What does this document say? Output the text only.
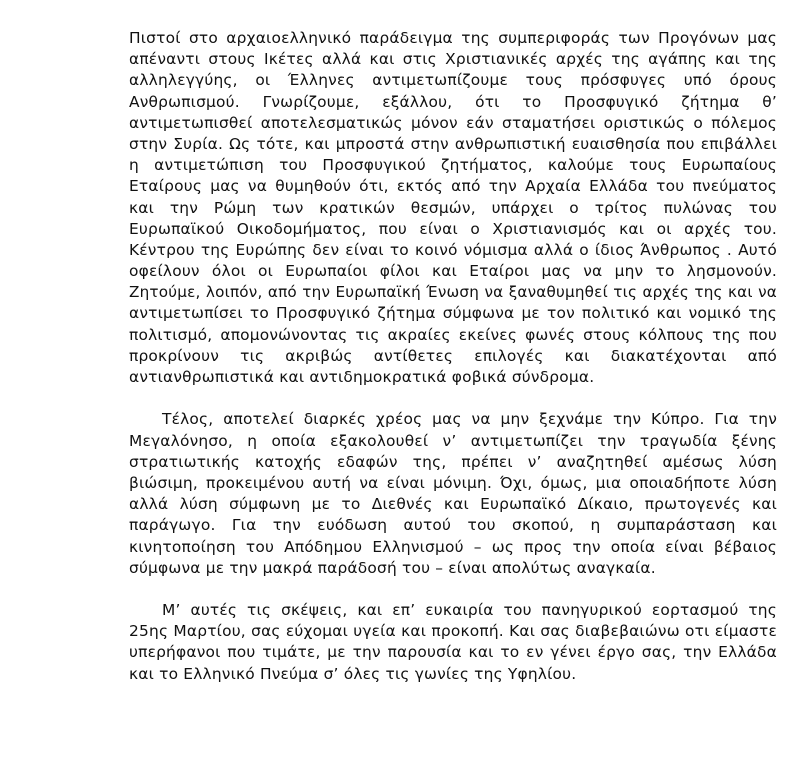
Πιστοί στο αρχαιοελληνικό παράδειγμα της συμπεριφοράς των Προγόνων μας
απέναντι στους Ικέτες αλλά και στις Χριστιανικές αρχές της αγάπης και της
αλληλεγγύης, οι Έλληνες αντιμετωπίζουμε τους πρόσφυγες υπό όρους
Ανθρωπισμού. Γνωρίζουμε, εξάλλου, ότι το Προσφυγικό ζήτημα θ’
αντιμετωπισθεί αποτελεσματικώς μόνον εάν σταματήσει οριστικώς ο πόλεμος
στην Συρία. Ως τότε, και μπροστά στην ανθρωπιστική ευαισθησία που επιβάλλει
η αντιμετώπιση του Προσφυγικού ζητήματος, καλούμε τους Ευρωπαίους
Εταίρους μας να θυμηθούν ότι, εκτός από την Αρχαία Ελλάδα του πνεύματος
και την Ρώμη των κρατικών θεσμών, υπάρχει ο τρίτος πυλώνας του
Ευρωπαϊκού Οικοδομήματος, που είναι ο Χριστιανισμός και οι αρχές του.
Κέντρου της Ευρώπης δεν είναι το κοινό νόμισμα αλλά ο ίδιος Άνθρωπος . Αυτό
οφείλουν όλοι οι Ευρωπαίοι φίλοι και Εταίροι μας να μην το λησμονούν.
Ζητούμε, λοιπόν, από την Ευρωπαϊκή Ένωση να ξαναθυμηθεί τις αρχές της και να
αντιμετωπίσει το Προσφυγικό ζήτημα σύμφωνα με τον πολιτικό και νομικό της
πολιτισμό, απομονώνοντας τις ακραίες εκείνες φωνές στους κόλπους της που
προκρίνουν τις ακριβώς αντίθετες επιλογές και διακατέχονται από
αντιανθρωπιστικά και αντιδημοκρατικά φοβικά σύνδρομα.
Τέλος, αποτελεί διαρκές χρέος μας να μην ξεχνάμε την Κύπρο. Για την
Μεγαλόνησο, η οποία εξακολουθεί ν’ αντιμετωπίζει την τραγωδία ξένης
στρατιωτικής κατοχής εδαφών της, πρέπει ν’ αναζητηθεί αμέσως λύση
βιώσιμη, προκειμένου αυτή να είναι μόνιμη. Όχι, όμως, μια οποιαδήποτε λύση
αλλά λύση σύμφωνη με το Διεθνές και Ευρωπαϊκό Δίκαιο, πρωτογενές και
παράγωγο. Για την ευόδωση αυτού του σκοπού, η συμπαράσταση και
κινητοποίηση του Απόδημου Ελληνισμού – ως προς την οποία είναι βέβαιος
σύμφωνα με την μακρά παράδοσή του – είναι απολύτως αναγκαία.
Μ’ αυτές τις σκέψεις, και επ’ ευκαιρία του πανηγυρικού εορτασμού της
25ης Μαρτίου, σας εύχομαι υγεία και προκοπή. Και σας διαβεβαιώνω οτι είμαστε
υπερήφανοι που τιμάτε, με την παρουσία και το εν γένει έργο σας, την Ελλάδα
και το Ελληνικό Πνεύμα σ’ όλες τις γωνίες της Υφηλίου.
